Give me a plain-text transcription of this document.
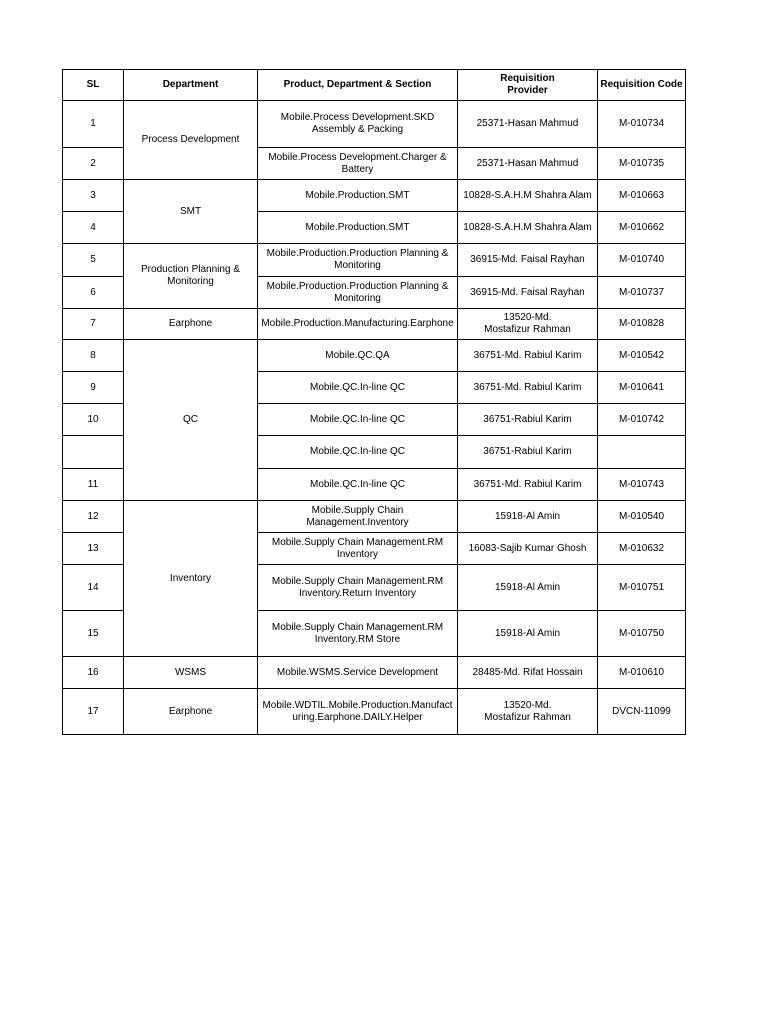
SL	Department	Product, Department & Section	Requisition Provider	Requisition Code
1	Process Development	Mobile.Process Development.SKD Assembly & Packing	25371-Hasan Mahmud	M-010734
2		Mobile.Process Development.Charger & Battery	25371-Hasan Mahmud	M-010735
3	SMT	Mobile.Production.SMT	10828-S.A.H.M Shahra Alam	M-010663
4		Mobile.Production.SMT	10828-S.A.H.M Shahra Alam	M-010662
5	Production Planning & Monitoring	Mobile.Production.Production Planning & Monitoring	36915-Md. Faisal Rayhan	M-010740
6		Mobile.Production.Production Planning & Monitoring	36915-Md. Faisal Rayhan	M-010737
7	Earphone	Mobile.Production.Manufacturing.Earphone	13520-Md. Mostafizur Rahman	M-010828
8	QC	Mobile.QC.QA	36751-Md. Rabiul Karim	M-010542
9		Mobile.QC.In-line QC	36751-Md. Rabiul Karim	M-010641
10		Mobile.QC.In-line QC	36751-Rabiul Karim	M-010742
		Mobile.QC.In-line QC	36751-Rabiul Karim	
11		Mobile.QC.In-line QC	36751-Md. Rabiul Karim	M-010743
12	Inventory	Mobile.Supply Chain Management.Inventory	15918-Al Amin	M-010540
13		Mobile.Supply Chain Management.RM Inventory	16083-Sajib Kumar Ghosh	M-010632
14		Mobile.Supply Chain Management.RM Inventory.Return Inventory	15918-Al Amin	M-010751
15		Mobile.Supply Chain Management.RM Inventory.RM Store	15918-Al Amin	M-010750
16	WSMS	Mobile.WSMS.Service Development	28485-Md. Rifat Hossain	M-010610
17	Earphone	Mobile.WDTIL.Mobile.Production.Manufacturing.Earphone.DAILY.Helper	13520-Md. Mostafizur Rahman	DVCN-11099
